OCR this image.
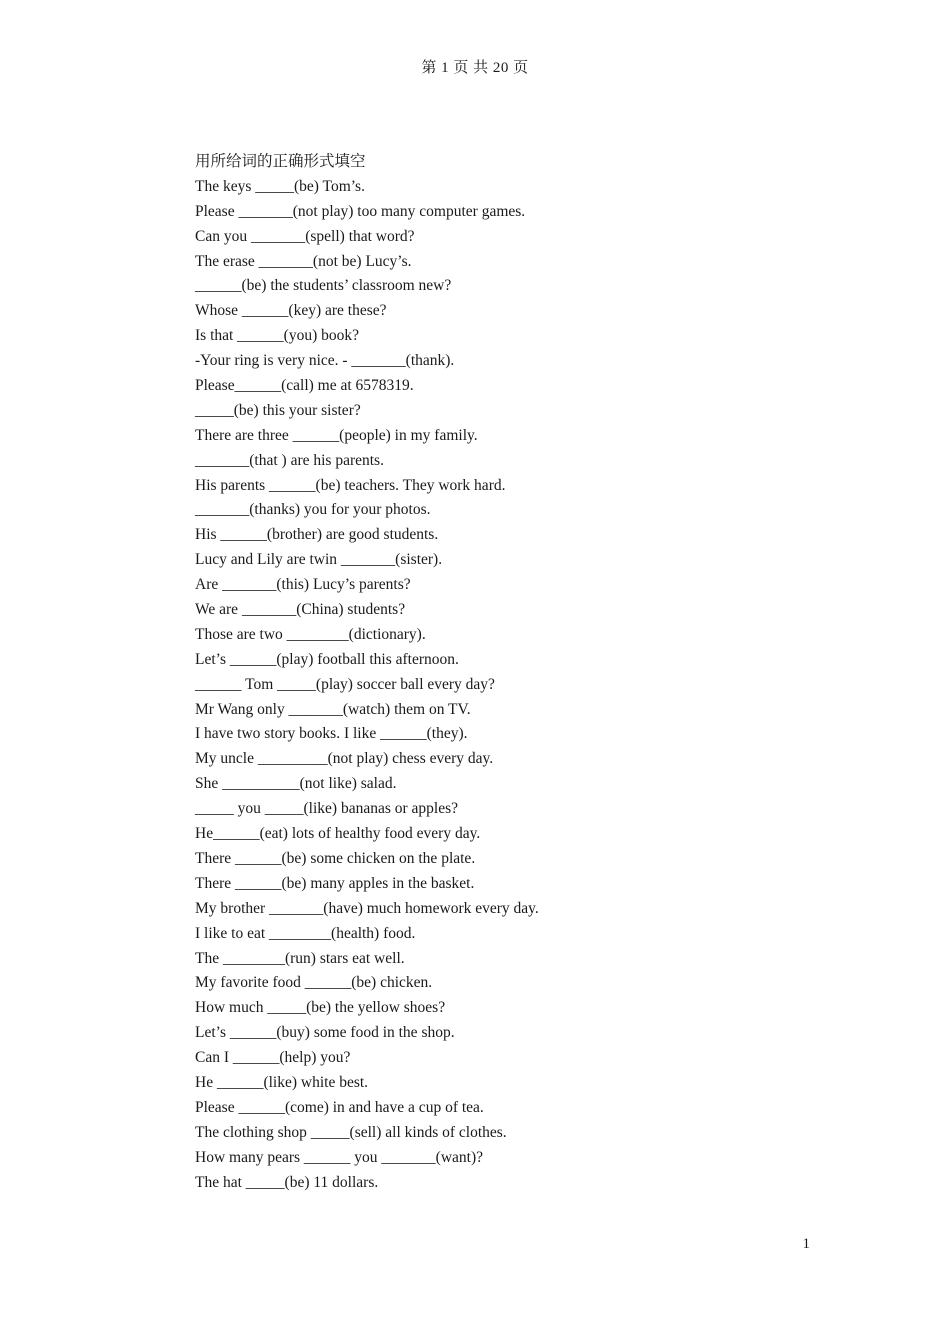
第 1 页 共 20 页
用所给词的正确形式填空
The keys _____(be) Tom’s.
Please _______(not play) too many computer games.
Can you _______(spell) that word?
The erase _______(not be) Lucy’s.
______(be) the students’ classroom new?
Whose ______(key) are these?
Is that ______(you) book?
-Your ring is very nice. - _______(thank).
Please______(call) me at 6578319.
_____(be) this your sister?
There are three ______(people) in my family.
_______(that ) are his parents.
His parents ______(be) teachers. They work hard.
_______(thanks) you for your photos.
His ______(brother) are good students.
Lucy and Lily are twin _______(sister).
Are _______(this) Lucy’s parents?
We are _______(China) students?
Those are two ________(dictionary).
Let’s ______(play) football this afternoon.
______ Tom _____(play) soccer ball every day?
Mr Wang only _______(watch) them on TV.
I have two story books. I like ______(they).
My uncle _________(not play) chess every day.
She __________(not like) salad.
_____ you _____(like) bananas or apples?
He______(eat) lots of healthy food every day.
There ______(be) some chicken on the plate.
There ______(be) many apples in the basket.
My brother _______(have) much homework every day.
I like to eat ________(health) food.
The ________(run) stars eat well.
My favorite food ______(be) chicken.
How much _____(be) the yellow shoes?
Let’s ______(buy) some food in the shop.
Can I ______(help) you?
He ______(like) white best.
Please ______(come) in and have a cup of tea.
The clothing shop _____(sell) all kinds of clothes.
How many pears ______ you _______(want)?
The hat _____(be) 11 dollars.
1
